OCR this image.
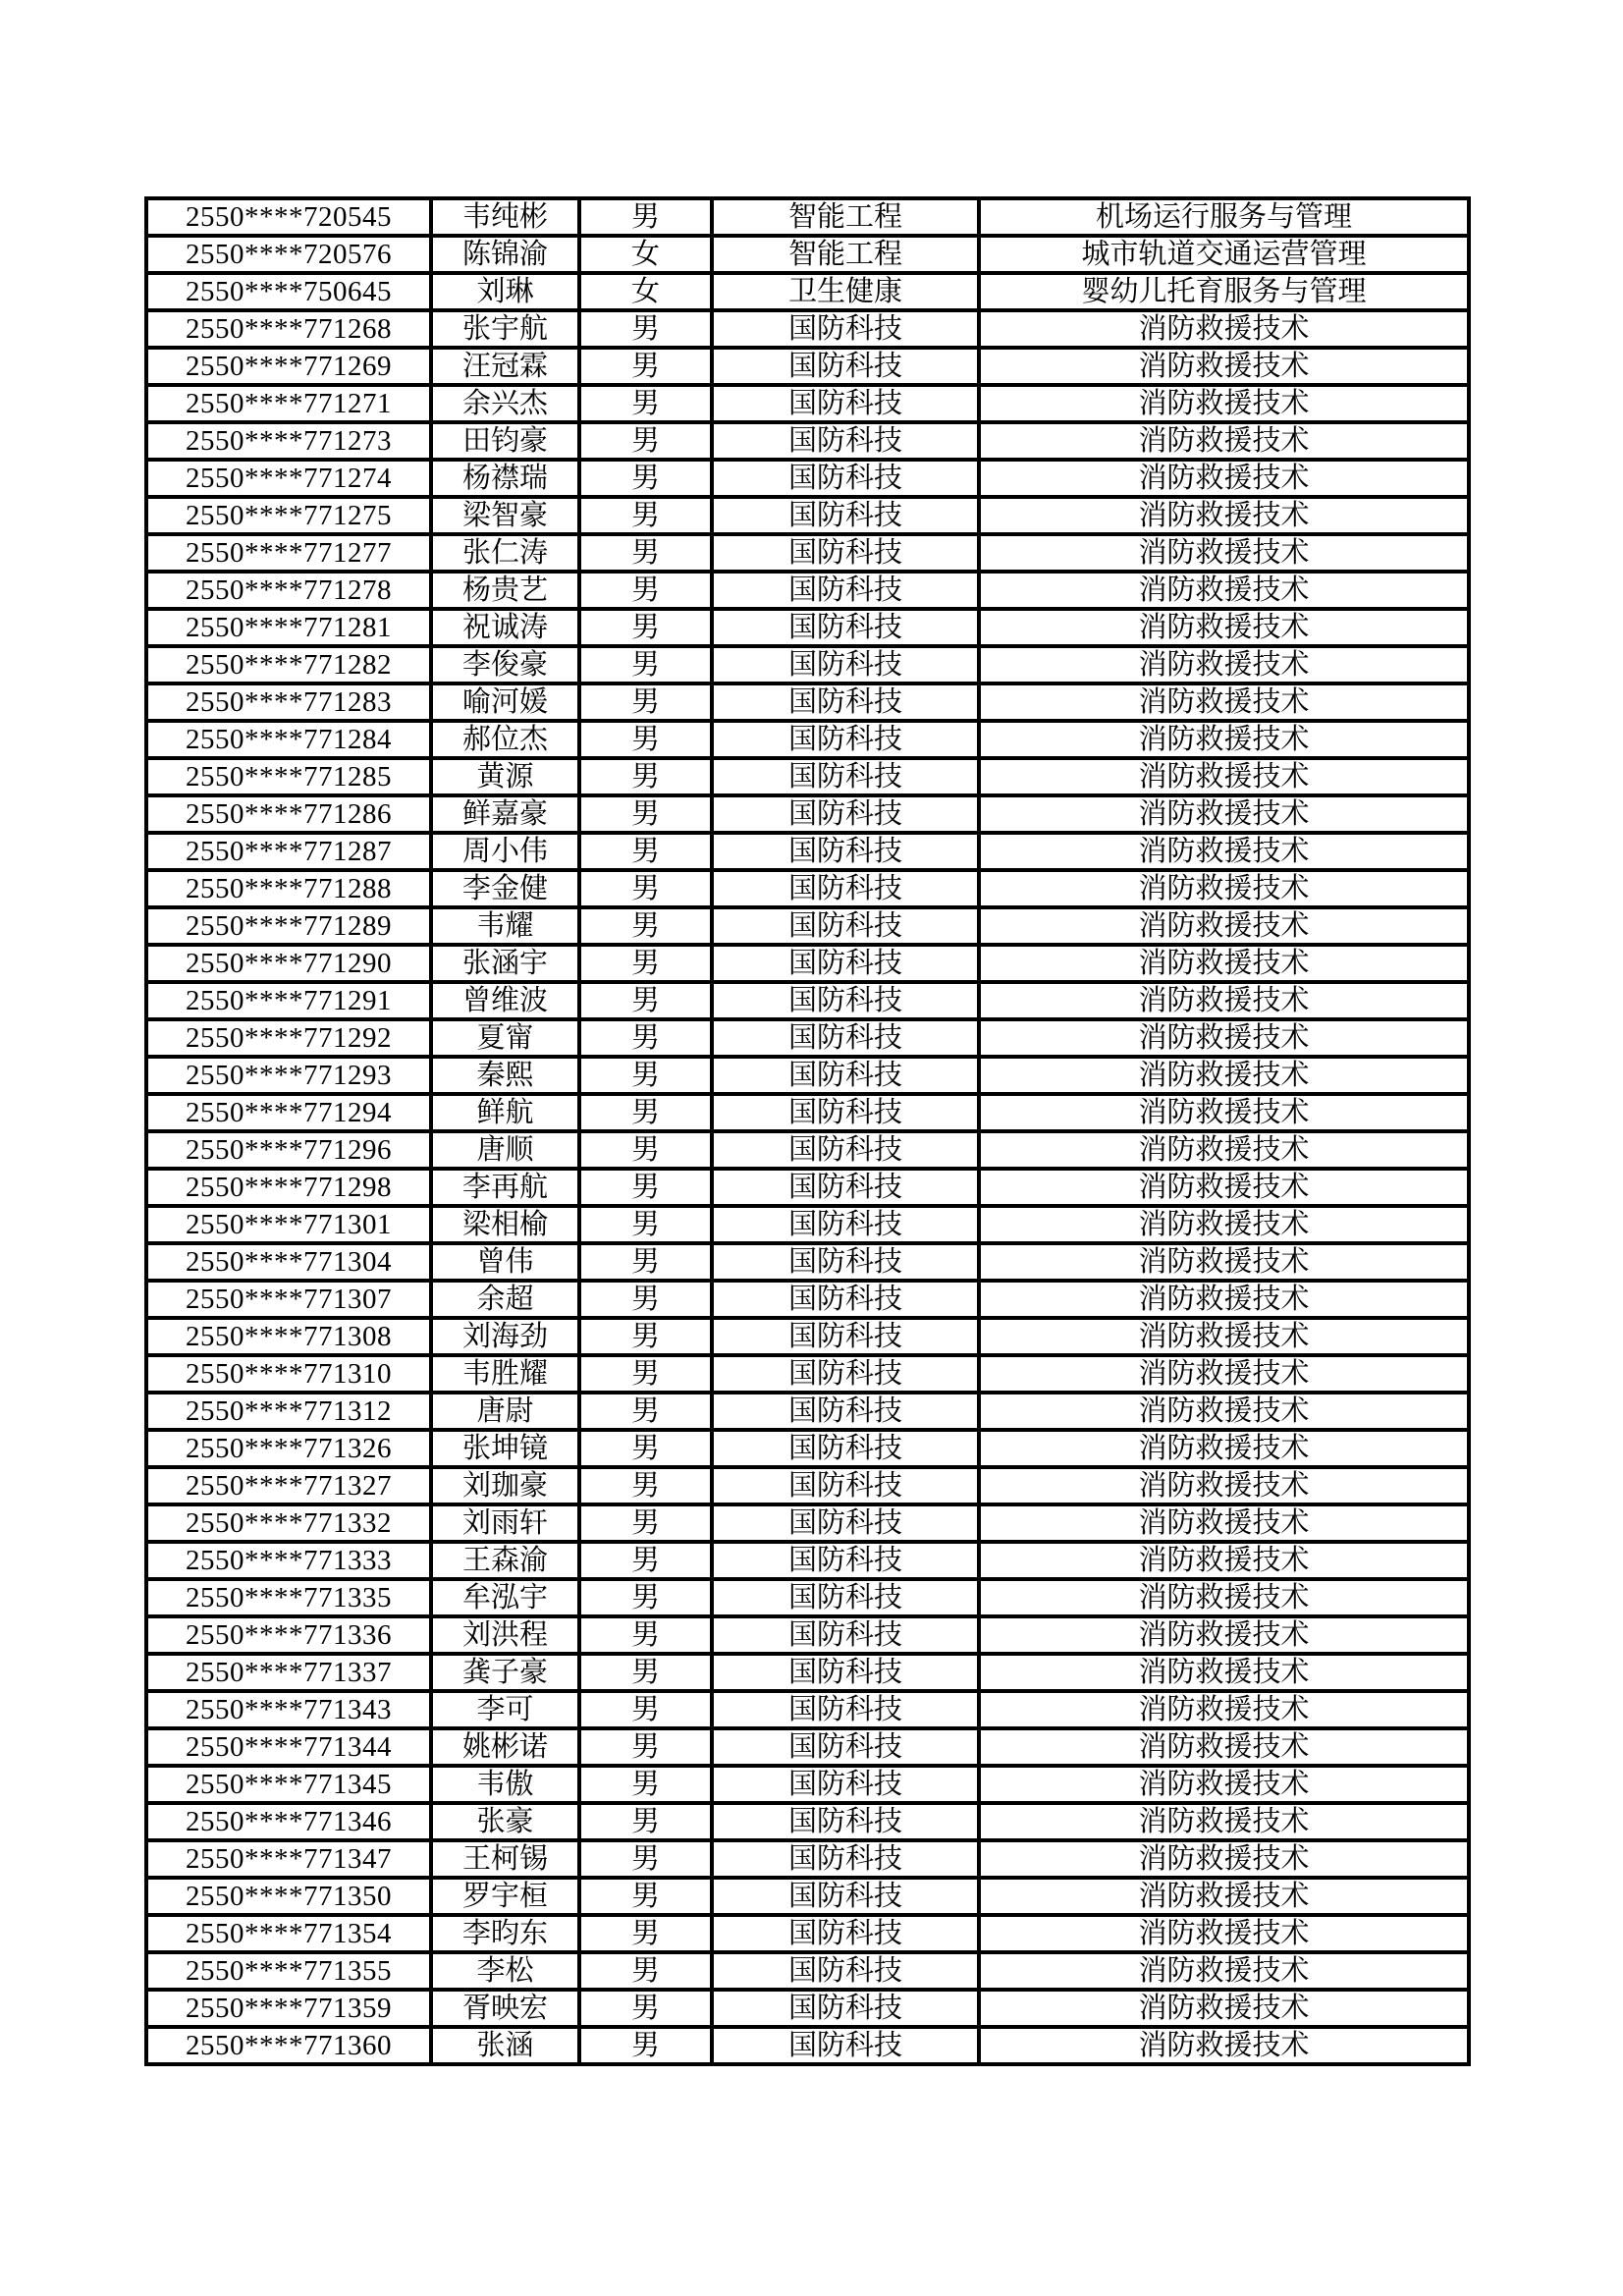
2550****720545	韦纯彬	男	智能工程	机场运行服务与管理
2550****720576	陈锦渝	女	智能工程	城市轨道交通运营管理
2550****750645	刘琳	女	卫生健康	婴幼儿托育服务与管理
2550****771268	张宇航	男	国防科技	消防救援技术
2550****771269	汪冠霖	男	国防科技	消防救援技术
2550****771271	余兴杰	男	国防科技	消防救援技术
2550****771273	田钧豪	男	国防科技	消防救援技术
2550****771274	杨襟瑞	男	国防科技	消防救援技术
2550****771275	梁智豪	男	国防科技	消防救援技术
2550****771277	张仁涛	男	国防科技	消防救援技术
2550****771278	杨贵艺	男	国防科技	消防救援技术
2550****771281	祝诚涛	男	国防科技	消防救援技术
2550****771282	李俊豪	男	国防科技	消防救援技术
2550****771283	喻河媛	男	国防科技	消防救援技术
2550****771284	郝位杰	男	国防科技	消防救援技术
2550****771285	黄源	男	国防科技	消防救援技术
2550****771286	鲜嘉豪	男	国防科技	消防救援技术
2550****771287	周小伟	男	国防科技	消防救援技术
2550****771288	李金健	男	国防科技	消防救援技术
2550****771289	韦耀	男	国防科技	消防救援技术
2550****771290	张涵宇	男	国防科技	消防救援技术
2550****771291	曾维波	男	国防科技	消防救援技术
2550****771292	夏甯	男	国防科技	消防救援技术
2550****771293	秦熙	男	国防科技	消防救援技术
2550****771294	鲜航	男	国防科技	消防救援技术
2550****771296	唐顺	男	国防科技	消防救援技术
2550****771298	李再航	男	国防科技	消防救援技术
2550****771301	梁相榆	男	国防科技	消防救援技术
2550****771304	曾伟	男	国防科技	消防救援技术
2550****771307	余超	男	国防科技	消防救援技术
2550****771308	刘海劲	男	国防科技	消防救援技术
2550****771310	韦胜耀	男	国防科技	消防救援技术
2550****771312	唐尉	男	国防科技	消防救援技术
2550****771326	张坤镜	男	国防科技	消防救援技术
2550****771327	刘珈豪	男	国防科技	消防救援技术
2550****771332	刘雨轩	男	国防科技	消防救援技术
2550****771333	王森渝	男	国防科技	消防救援技术
2550****771335	牟泓宇	男	国防科技	消防救援技术
2550****771336	刘洪程	男	国防科技	消防救援技术
2550****771337	龚子豪	男	国防科技	消防救援技术
2550****771343	李可	男	国防科技	消防救援技术
2550****771344	姚彬诺	男	国防科技	消防救援技术
2550****771345	韦傲	男	国防科技	消防救援技术
2550****771346	张豪	男	国防科技	消防救援技术
2550****771347	王柯锡	男	国防科技	消防救援技术
2550****771350	罗宇桓	男	国防科技	消防救援技术
2550****771354	李昀东	男	国防科技	消防救援技术
2550****771355	李松	男	国防科技	消防救援技术
2550****771359	胥映宏	男	国防科技	消防救援技术
2550****771360	张涵	男	国防科技	消防救援技术
